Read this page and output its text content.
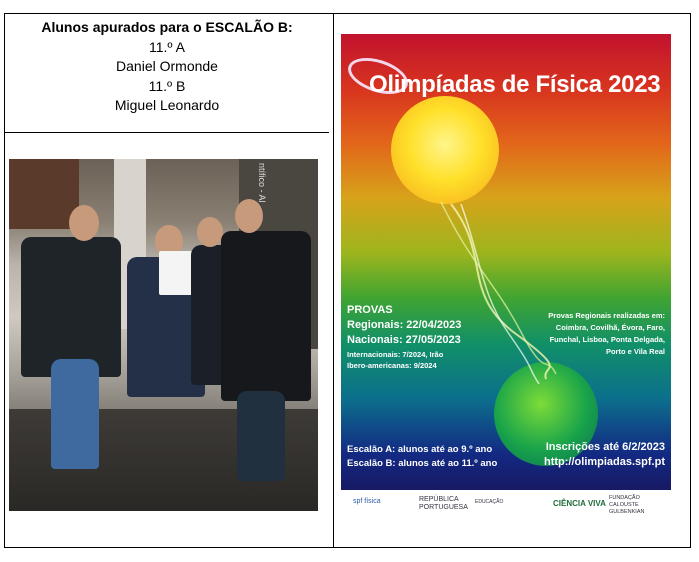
Alunos apurados para o ESCALÃO B:
11.º A
Daniel Ormonde
11.º B
Miguel Leonardo
ntífico - Al
Olimpíadas de Física 2023
PROVAS
Regionais: 22/04/2023
Nacionais: 27/05/2023
Internacionais: 7/2024, Irão
Ibero-americanas: 9/2024
Provas Regionais realizadas em:
Coimbra, Covilhã, Évora, Faro,
Funchal, Lisboa, Ponta Delgada,
Porto e Vila Real
Escalão A: alunos até ao 9.º ano
Escalão B: alunos até ao 11.º ano
Inscrições até 6/2/2023
http://olimpiadas.spf.pt
spf física	REPÚBLICA PORTUGUESA
EDUCAÇÃO	CIÊNCIA VIVA
FUNDAÇÃO CALOUSTE GULBENKIAN
